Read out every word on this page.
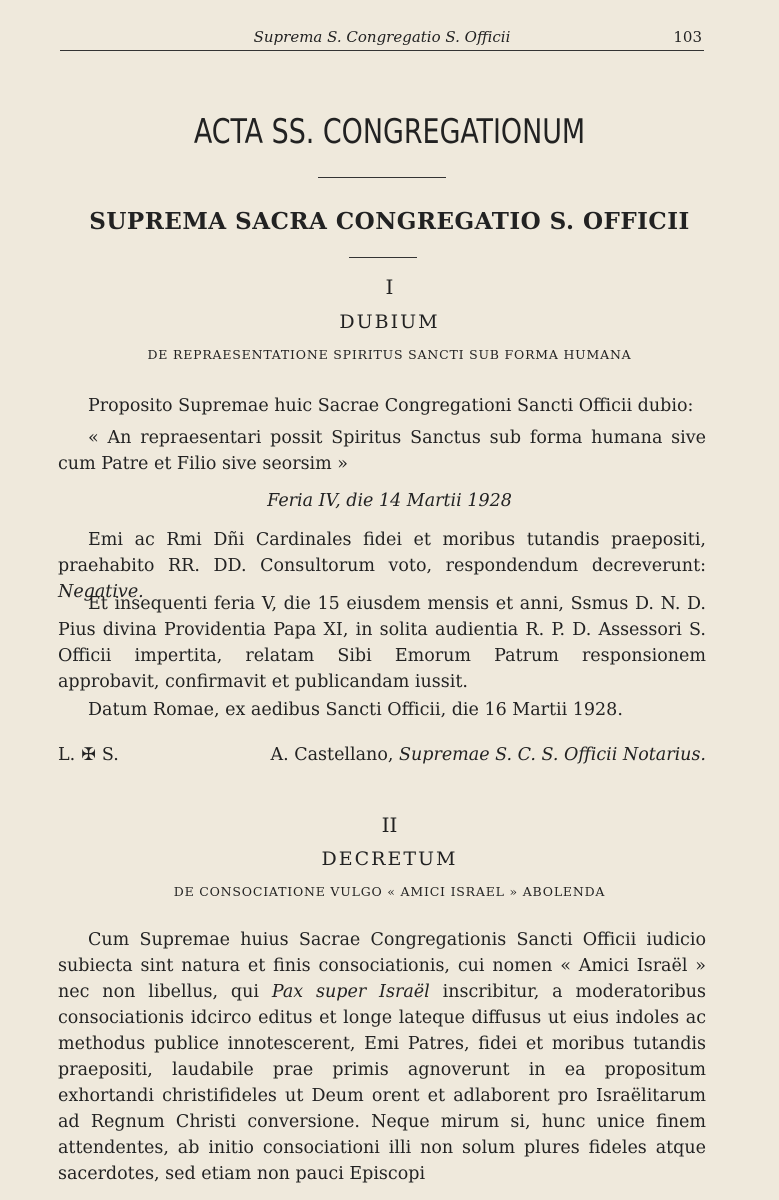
Suprema S. Congregatio S. Officii	103
ACTA SS. CONGREGATIONUM
SUPREMA SACRA CONGREGATIO S. OFFICII
I
DUBIUM
DE REPRAESENTATIONE SPIRITUS SANCTI SUB FORMA HUMANA
Proposito Supremae huic Sacrae Congregationi Sancti Officii dubio:
« An repraesentari possit Spiritus Sanctus sub forma humana sive cum Patre et Filio sive seorsim »
Feria IV, die 14 Martii 1928
Emi ac Rmi Dñi Cardinales fidei et moribus tutandis praepositi, praehabito RR. DD. Consultorum voto, respondendum decreverunt: Negative.
Et insequenti feria V, die 15 eiusdem mensis et anni, Ssmus D. N. D. Pius divina Providentia Papa XI, in solita audientia R. P. D. Assessori S. Officii impertita, relatam Sibi Emorum Patrum responsionem approbavit, confirmavit et publicandam iussit.
Datum Romae, ex aedibus Sancti Officii, die 16 Martii 1928.
L. ✠ S.	A. Castellano, Supremae S. C. S. Officii Notarius.
II
DECRETUM
DE CONSOCIATIONE VULGO « AMICI ISRAEL » ABOLENDA
Cum Supremae huius Sacrae Congregationis Sancti Officii iudicio subiecta sint natura et finis consociationis, cui nomen « Amici Israël » nec non libellus, qui Pax super Israël inscribitur, a moderatoribus consociationis idcirco editus et longe lateque diffusus ut eius indoles ac methodus publice innotescerent, Emi Patres, fidei et moribus tutandis praepositi, laudabile prae primis agnoverunt in ea propositum exhortandi christifideles ut Deum orent et adlaborent pro Israëlitarum ad Regnum Christi conversione. Neque mirum si, hunc unice finem attendentes, ab initio consociationi illi non solum plures fideles atque sacerdotes, sed etiam non pauci Episcopi
